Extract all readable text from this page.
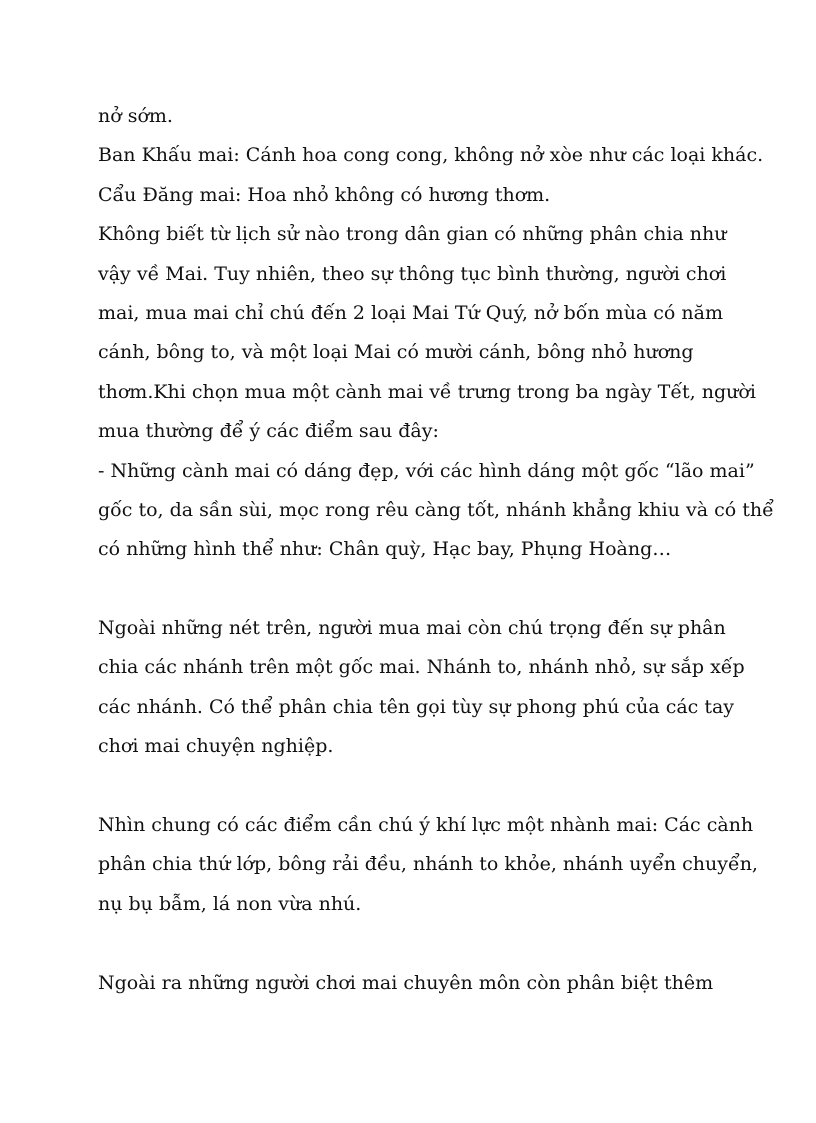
nở sớm.
Ban Khấu mai: Cánh hoa cong cong, không nở xòe như các loại khác.
Cẩu Đăng mai: Hoa nhỏ không có hương thơm.
Không biết từ lịch sử nào trong dân gian có những phân chia như
vậy về Mai. Tuy nhiên, theo sự thông tục bình thường, người chơi
mai, mua mai chỉ chú đến 2 loại Mai Tứ Quý, nở bốn mùa có năm
cánh, bông to, và một loại Mai có mười cánh, bông nhỏ hương
thơm.Khi chọn mua một cành mai về trưng trong ba ngày Tết, người
mua thường để ý các điểm sau đây:
- Những cành mai có dáng đẹp, với các hình dáng một gốc “lão mai”
gốc to, da sần sùi, mọc rong rêu càng tốt, nhánh khẳng khiu và có thể
có những hình thể như: Chân quỳ, Hạc bay, Phụng Hoàng…
Ngoài những nét trên, người mua mai còn chú trọng đến sự phân
chia các nhánh trên một gốc mai. Nhánh to, nhánh nhỏ, sự sắp xếp
các nhánh. Có thể phân chia tên gọi tùy sự phong phú của các tay
chơi mai chuyện nghiệp.
Nhìn chung có các điểm cần chú ý khí lực một nhành mai: Các cành
phân chia thứ lớp, bông rải đều, nhánh to khỏe, nhánh uyển chuyển,
nụ bụ bẫm, lá non vừa nhú.
Ngoài ra những người chơi mai chuyên môn còn phân biệt thêm
